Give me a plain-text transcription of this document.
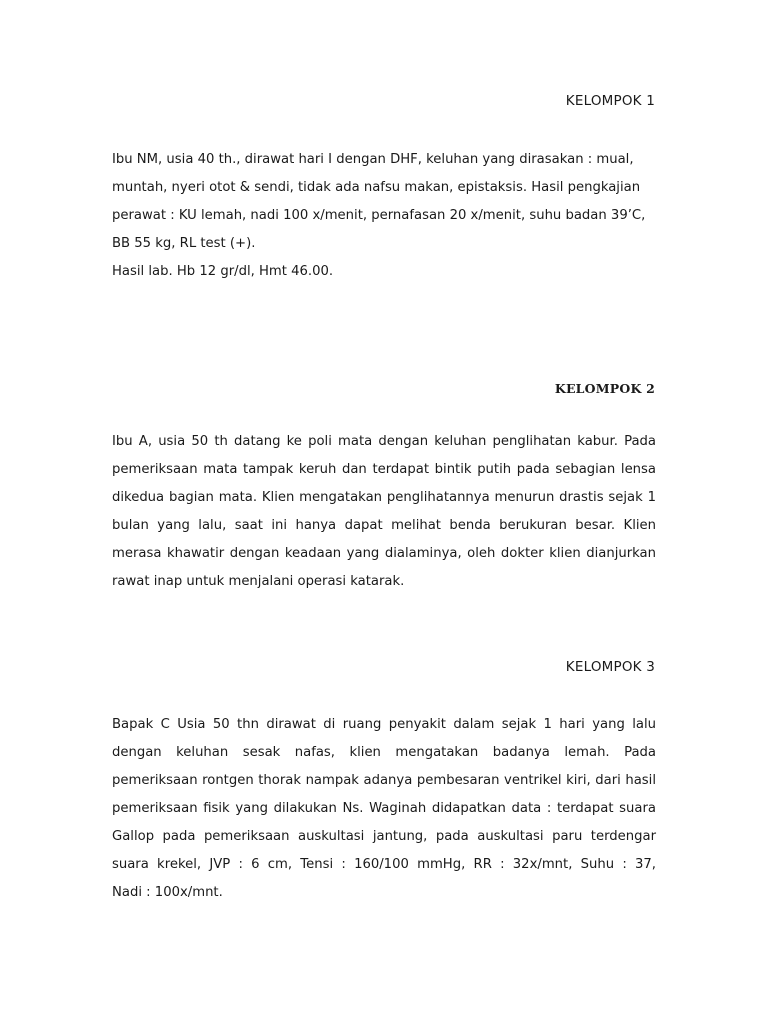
KELOMPOK 1
Ibu NM, usia 40 th., dirawat hari I dengan DHF, keluhan yang dirasakan : mual,
muntah, nyeri otot & sendi, tidak ada nafsu makan, epistaksis. Hasil pengkajian
perawat : KU lemah, nadi 100 x/menit, pernafasan 20 x/menit, suhu badan 39’C,
BB 55 kg, RL test (+).
Hasil lab. Hb 12 gr/dl, Hmt 46.00.
KELOMPOK 2
Ibu A, usia 50 th datang ke poli mata dengan keluhan penglihatan kabur. Pada
pemeriksaan mata tampak keruh dan terdapat bintik putih pada sebagian lensa
dikedua bagian mata. Klien mengatakan penglihatannya menurun drastis sejak 1
bulan yang lalu, saat ini hanya dapat melihat benda berukuran besar. Klien
merasa khawatir dengan keadaan yang dialaminya, oleh dokter klien dianjurkan
rawat inap untuk menjalani operasi katarak.
KELOMPOK 3
Bapak C Usia 50 thn dirawat di ruang penyakit dalam sejak 1 hari yang lalu
dengan keluhan sesak nafas, klien mengatakan badanya lemah. Pada
pemeriksaan rontgen thorak nampak adanya pembesaran ventrikel kiri, dari hasil
pemeriksaan fisik yang dilakukan Ns. Waginah didapatkan data : terdapat suara
Gallop pada pemeriksaan auskultasi jantung, pada auskultasi paru terdengar
suara krekel, JVP : 6 cm, Tensi : 160/100 mmHg, RR : 32x/mnt, Suhu : 37,
Nadi : 100x/mnt.
